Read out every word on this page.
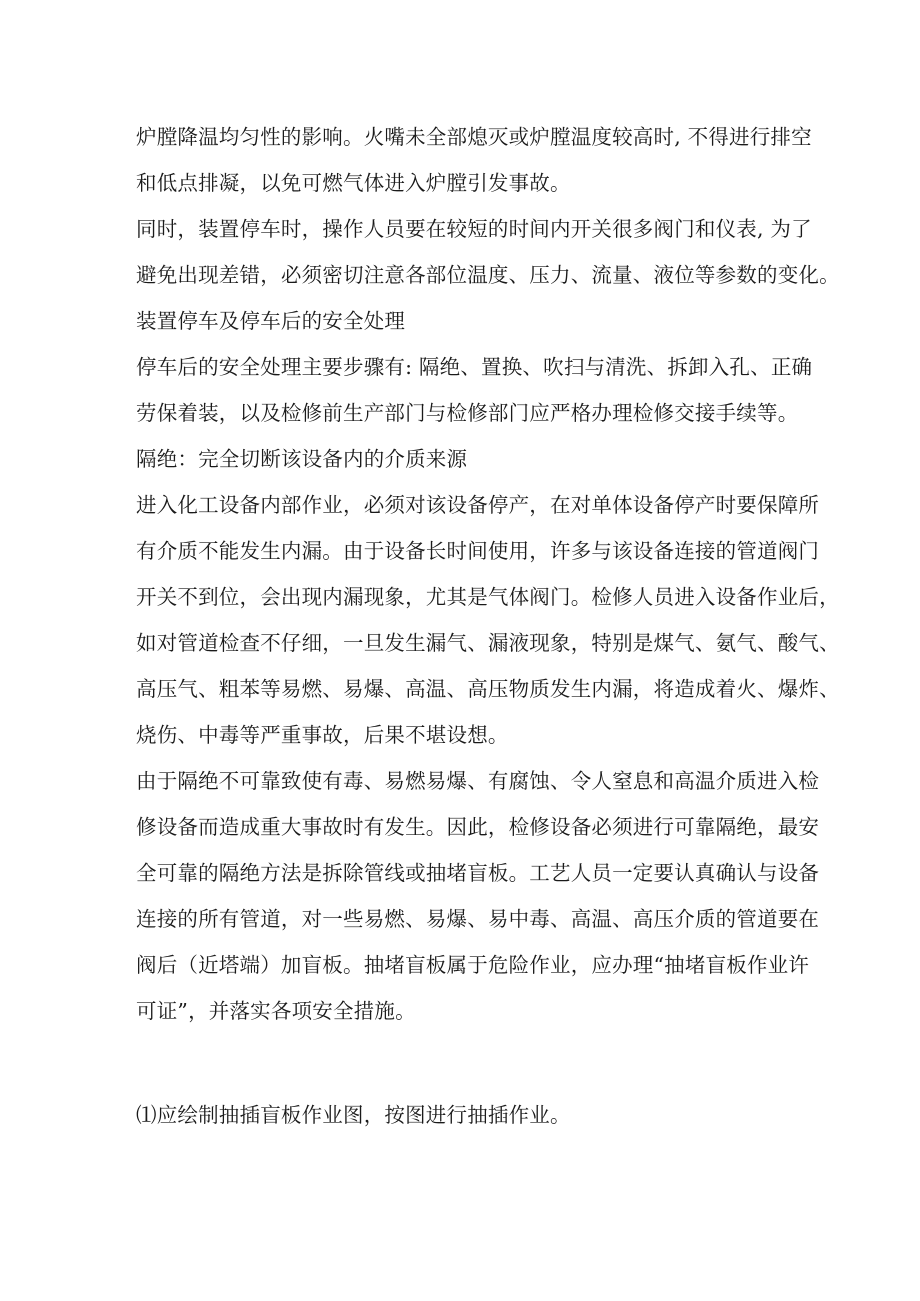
炉膛降温均匀性的影响。火嘴未全部熄灭或炉膛温度较高时, 不得进行排空
和低点排凝，以免可燃气体进入炉膛引发事故。
同时，装置停车时，操作人员要在较短的时间内开关很多阀门和仪表, 为了
避免出现差错，必须密切注意各部位温度、压力、流量、液位等参数的变化。
装置停车及停车后的安全处理
停车后的安全处理主要步骤有: 隔绝、置换、吹扫与清洗、拆卸入孔、正确
劳保着装，以及检修前生产部门与检修部门应严格办理检修交接手续等。
隔绝：完全切断该设备内的介质来源
进入化工设备内部作业，必须对该设备停产，在对单体设备停产时要保障所
有介质不能发生内漏。由于设备长时间使用，许多与该设备连接的管道阀门
开关不到位，会出现内漏现象，尤其是气体阀门。检修人员进入设备作业后，
如对管道检查不仔细，一旦发生漏气、漏液现象，特别是煤气、氨气、酸气、
高压气、粗苯等易燃、易爆、高温、高压物质发生内漏，将造成着火、爆炸、
烧伤、中毒等严重事故，后果不堪设想。
由于隔绝不可靠致使有毒、易燃易爆、有腐蚀、令人窒息和高温介质进入检
修设备而造成重大事故时有发生。因此，检修设备必须进行可靠隔绝，最安
全可靠的隔绝方法是拆除管线或抽堵盲板。工艺人员一定要认真确认与设备
连接的所有管道，对一些易燃、易爆、易中毒、高温、高压介质的管道要在
阀后（近塔端）加盲板。抽堵盲板属于危险作业，应办理“抽堵盲板作业许
可证”，并落实各项安全措施。
⑴应绘制抽插盲板作业图，按图进行抽插作业。
